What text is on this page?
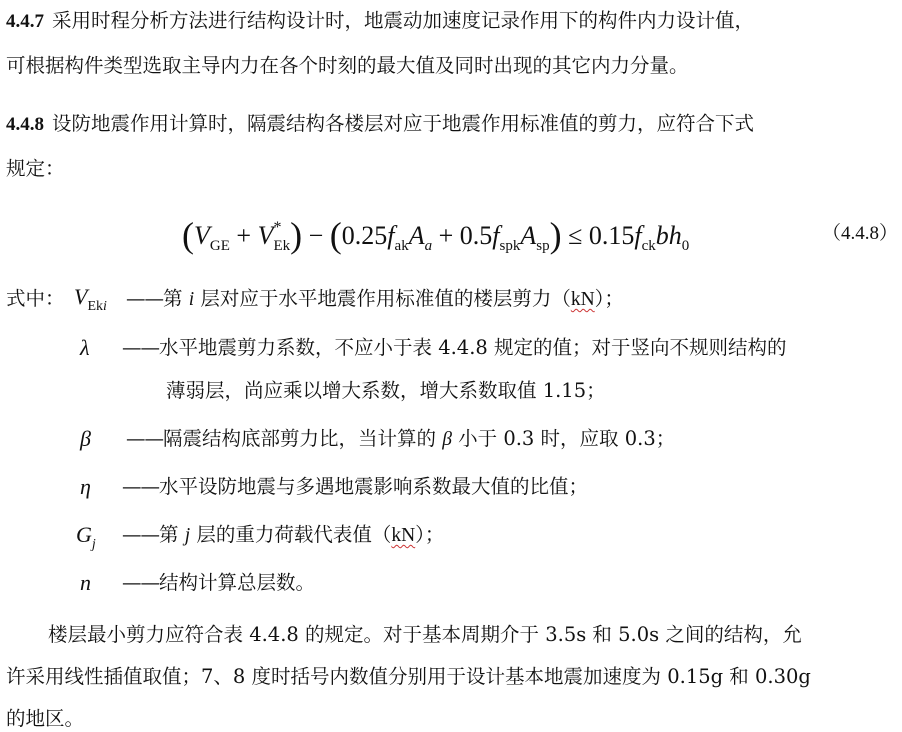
4.4.7 采用时程分析方法进行结构设计时，地震动加速度记录作用下的构件内力设计值，
可根据构件类型选取主导内力在各个时刻的最大值及同时出现的其它内力分量。
4.4.8 设防地震作用计算时，隔震结构各楼层对应于地震作用标准值的剪力，应符合下式
规定：
$(V_{GE} + V^*_{Ek}) - (0.25f_{ak}A_a + 0.5f_{spk}A_{sp}) \le 0.15f_{ck}bh_0$
（4.4.8）
式中： $V_{Eki}$ ——第 i 层对应于水平地震作用标准值的楼层剪力（kN）；
λ ——水平地震剪力系数，不应小于表 4.4.8 规定的值；对于竖向不规则结构的
薄弱层，尚应乘以增大系数，增大系数取值 1.15；
β ——隔震结构底部剪力比，当计算的 β 小于 0.3 时，应取 0.3；
η ——水平设防地震与多遇地震影响系数最大值的比值；
$G_j$ ——第 j 层的重力荷载代表值（kN）；
n ——结构计算总层数。
楼层最小剪力应符合表 4.4.8 的规定。对于基本周期介于 3.5s 和 5.0s 之间的结构，允
许采用线性插值取值；7、8 度时括号内数值分别用于设计基本地震加速度为 0.15g 和 0.30g
的地区。
